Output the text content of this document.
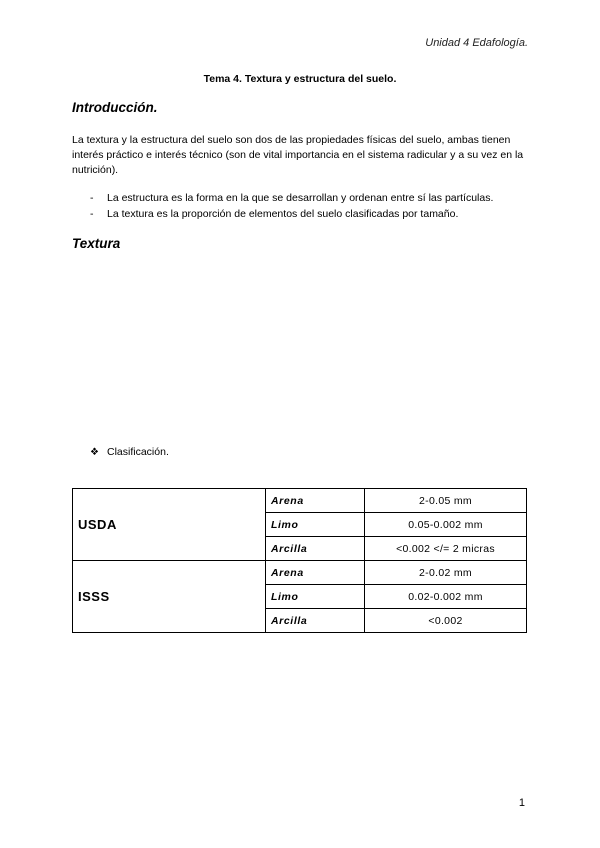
Unidad 4 Edafología.
Tema 4. Textura y estructura del suelo.
Introducción.
La textura y la estructura del suelo son dos de las propiedades físicas del suelo, ambas tienen interés práctico e interés técnico (son de vital importancia en el sistema radicular y a su vez en la nutrición).
- La estructura es la forma en la que se desarrollan y ordenan entre sí las partículas.
- La textura es la proporción de elementos del suelo clasificadas por tamaño.
Textura
❖ Clasificación.
USDA	Arena	2-0.05 mm
	Limo	0.05-0.002 mm
	Arcilla	<0.002 </= 2 micras
ISSS	Arena	2-0.02 mm
	Limo	0.02-0.002 mm
	Arcilla	<0.002
1
